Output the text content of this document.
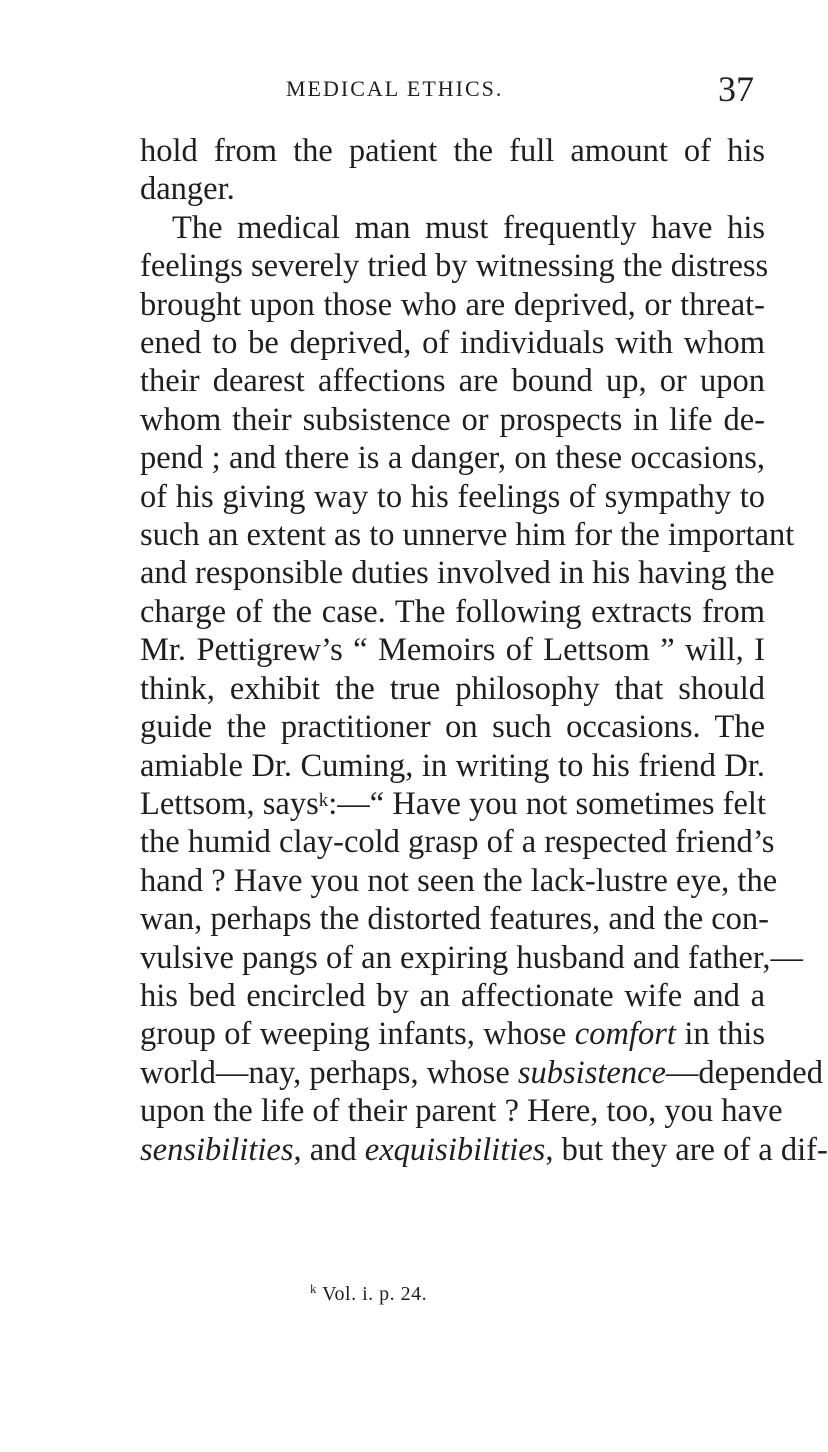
MEDICAL ETHICS.	37
hold from the patient the full amount of his
danger.
The medical man must frequently have his
feelings severely tried by witnessing the distress
brought upon those who are deprived, or threat-
ened to be deprived, of individuals with whom
their dearest affections are bound up, or upon
whom their subsistence or prospects in life de-
pend ; and there is a danger, on these occasions,
of his giving way to his feelings of sympathy to
such an extent as to unnerve him for the important
and responsible duties involved in his having the
charge of the case. The following extracts from
Mr. Pettigrew’s “ Memoirs of Lettsom ” will, I
think, exhibit the true philosophy that should
guide the practitioner on such occasions. The
amiable Dr. Cuming, in writing to his friend Dr.
Lettsom, says$^k$:—“ Have you not sometimes felt
the humid clay-cold grasp of a respected friend’s
hand ? Have you not seen the lack-lustre eye, the
wan, perhaps the distorted features, and the con-
vulsive pangs of an expiring husband and father,—
his bed encircled by an affectionate wife and a
group of weeping infants, whose comfort in this
world—nay, perhaps, whose subsistence—depended
upon the life of their parent ? Here, too, you have
sensibilities, and exquisibilities, but they are of a dif-
$^k$ Vol. i. p. 24.
